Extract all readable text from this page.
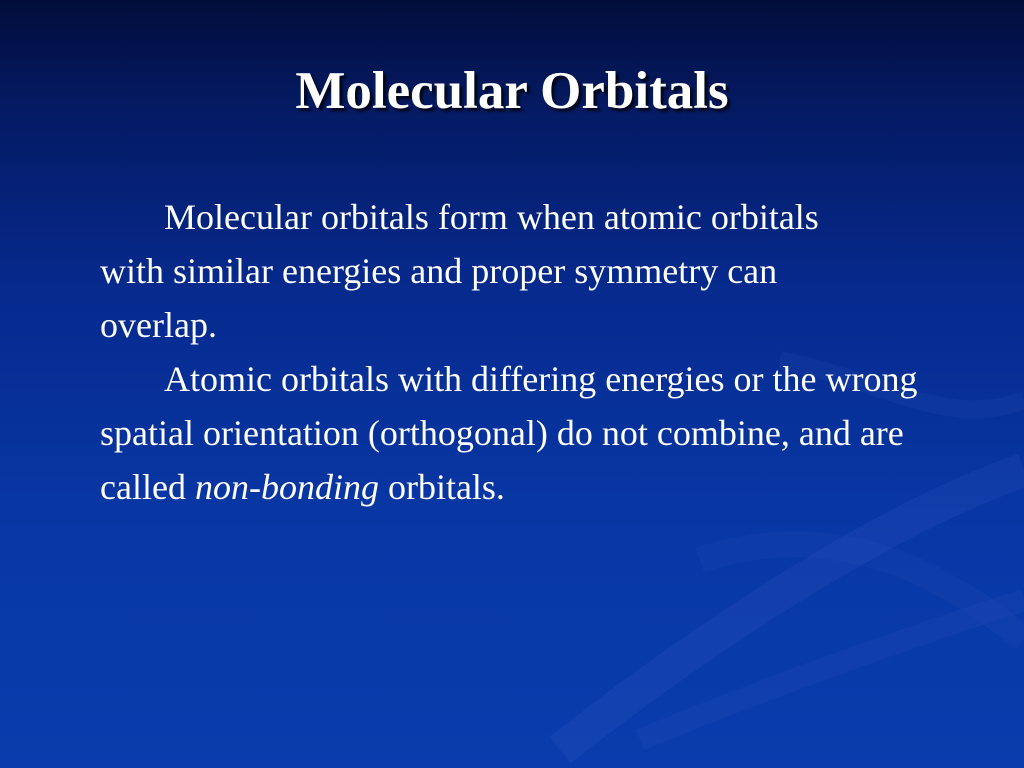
Molecular Orbitals

Molecular orbitals form when atomic orbitals with similar energies and proper symmetry can overlap.

Atomic orbitals with differing energies or the wrong spatial orientation (orthogonal) do not combine, and are called non-bonding orbitals.
